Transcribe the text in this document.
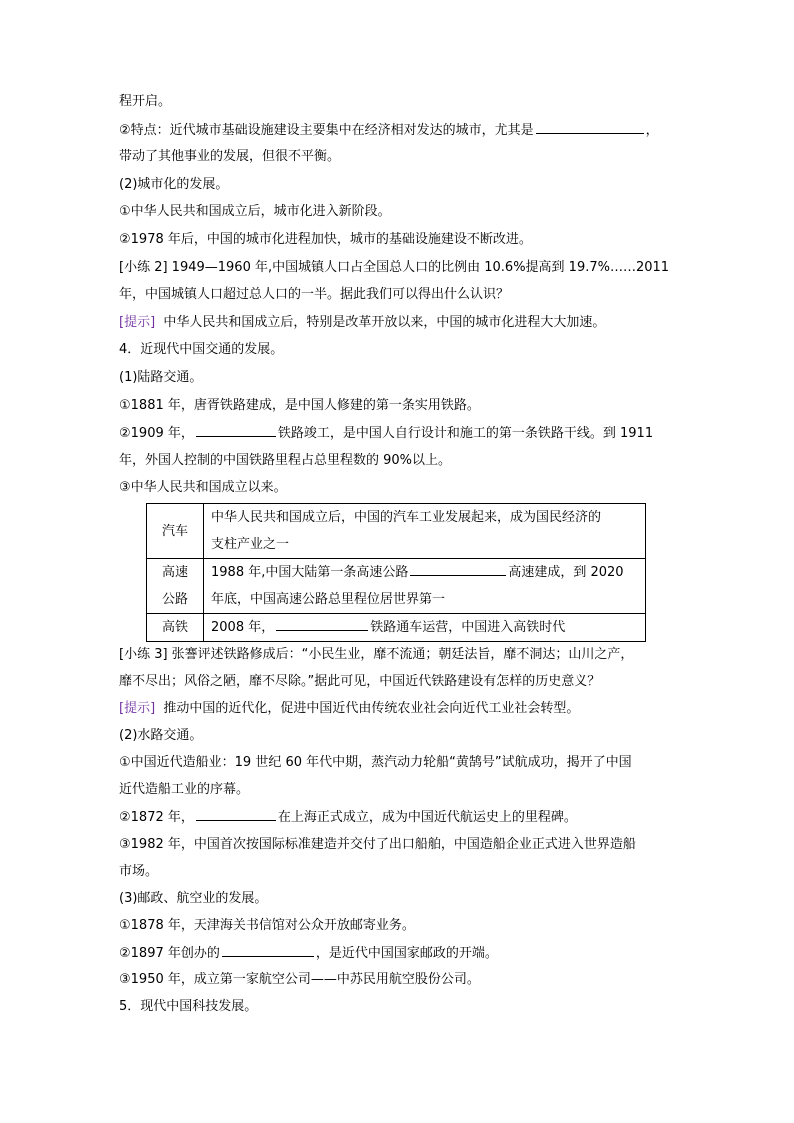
程开启。
②特点：近代城市基础设施建设主要集中在经济相对发达的城市，尤其是	，
带动了其他事业的发展，但很不平衡。
(2)城市化的发展。
①中华人民共和国成立后，城市化进入新阶段。
②1978 年后，中国的城市化进程加快，城市的基础设施建设不断改进。
[小练 2] 1949—1960 年,中国城镇人口占全国总人口的比例由 10.6%提高到 19.7%……2011
年，中国城镇人口超过总人口的一半。据此我们可以得出什么认识？
[提示] 中华人民共和国成立后，特别是改革开放以来，中国的城市化进程大大加速。
4．近现代中国交通的发展。
(1)陆路交通。
①1881 年，唐胥铁路建成，是中国人修建的第一条实用铁路。
②1909 年，	铁路竣工，是中国人自行设计和施工的第一条铁路干线。到 1911
年，外国人控制的中国铁路里程占总里程数的 90%以上。
③中华人民共和国成立以来。
汽车	中华人民共和国成立后，中国的汽车工业发展起来，成为国民经济的
支柱产业之一
高速
公路	1988 年,中国大陆第一条高速公路 高速建成，到 2020
年底，中国高速公路总里程位居世界第一
高铁	2008 年， 铁路通车运营，中国进入高铁时代
[小练 3] 张謇评述铁路修成后：“小民生业，靡不流通；朝廷法旨，靡不洞达；山川之产，
靡不尽出；风俗之陋，靡不尽除。”据此可见，中国近代铁路建设有怎样的历史意义？
[提示] 推动中国的近代化，促进中国近代由传统农业社会向近代工业社会转型。
(2)水路交通。
①中国近代造船业：19 世纪 60 年代中期，蒸汽动力轮船“黄鹄号”试航成功，揭开了中国
近代造船工业的序幕。
②1872 年，	在上海正式成立，成为中国近代航运史上的里程碑。
③1982 年，中国首次按国际标准建造并交付了出口船舶，中国造船企业正式进入世界造船
市场。
(3)邮政、航空业的发展。
①1878 年，天津海关书信馆对公众开放邮寄业务。
②1897 年创办的	，是近代中国国家邮政的开端。
③1950 年，成立第一家航空公司——中苏民用航空股份公司。
5．现代中国科技发展。
